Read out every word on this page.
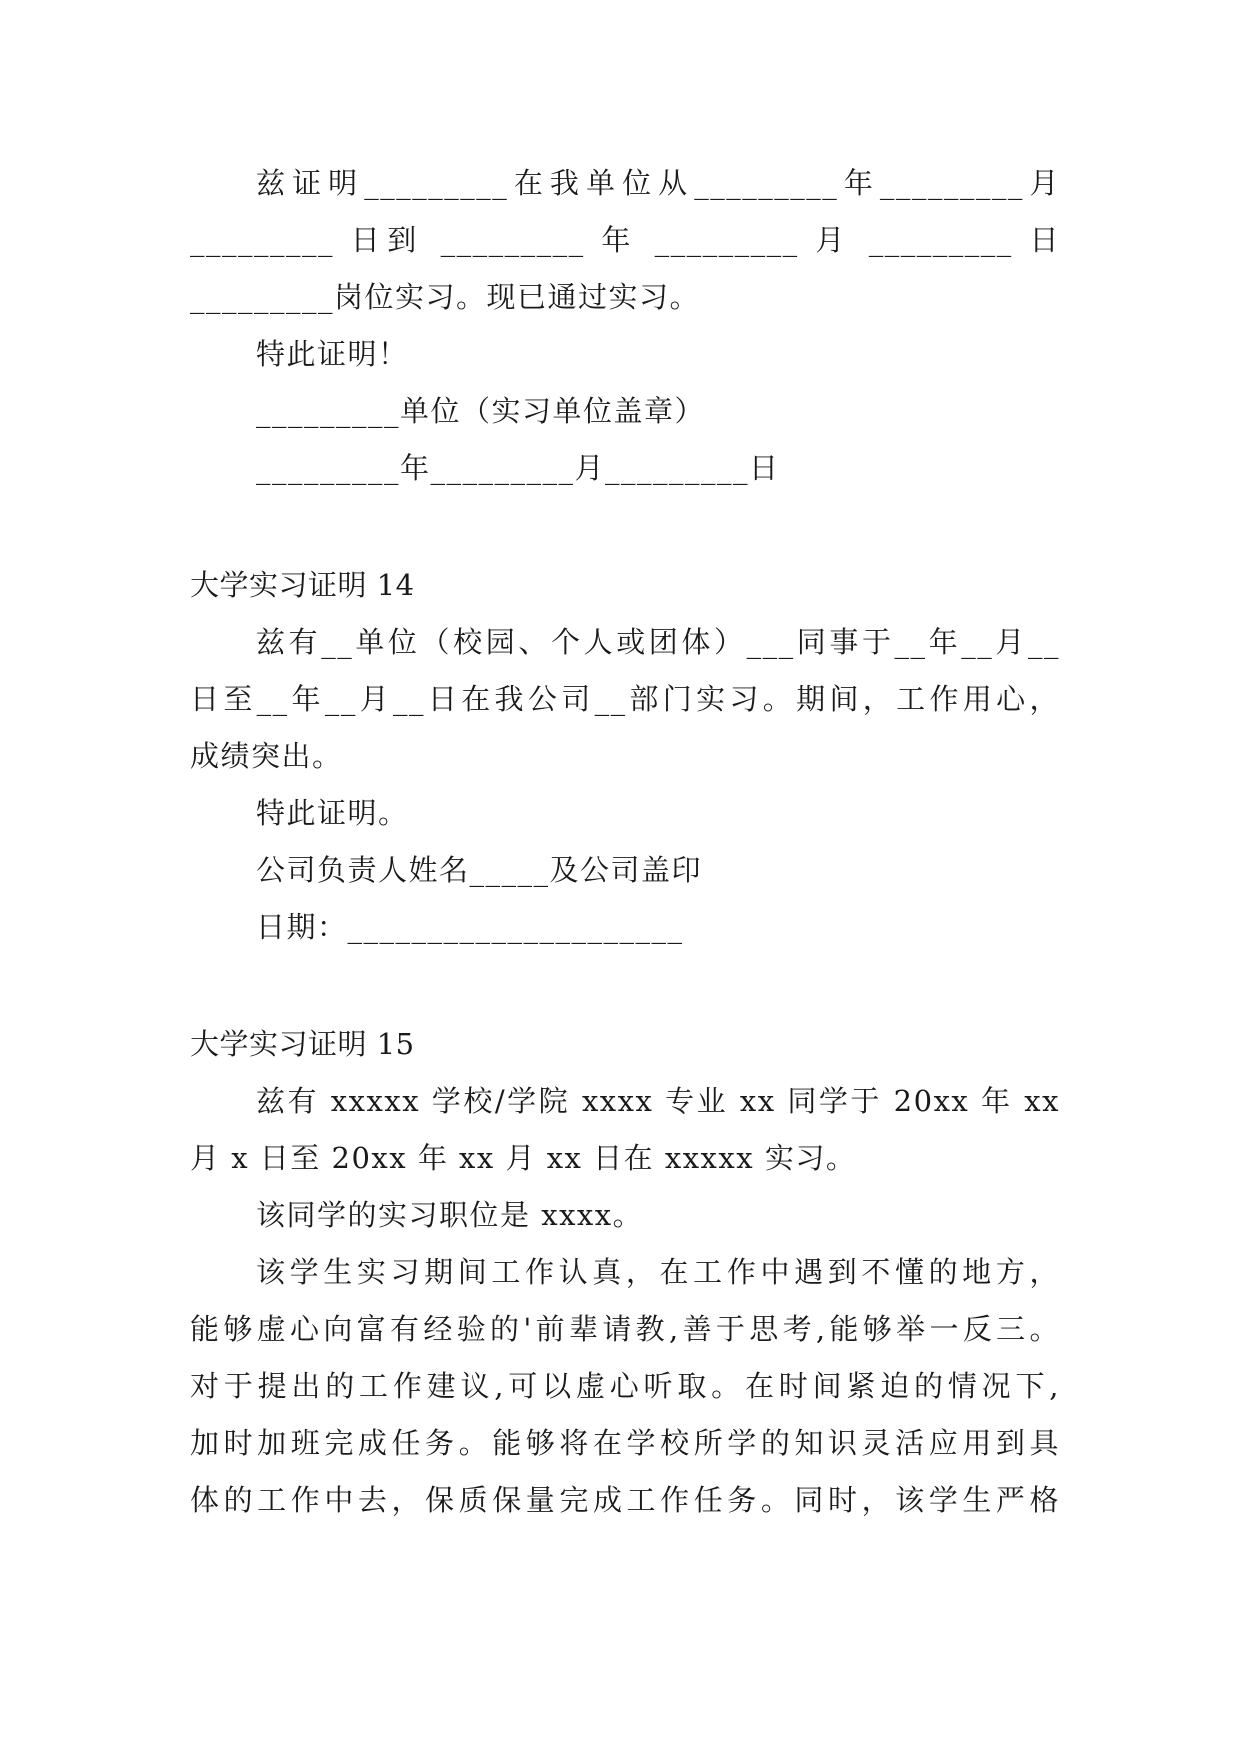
兹证明_________在我单位从_________年_________月
_________ 日到 _________ 年 _________ 月 _________ 日
_________岗位实习。现已通过实习。
特此证明！
_________单位（实习单位盖章）
_________年_________月_________日
大学实习证明 14
兹有__单位（校园、个人或团体）___同事于__年__月__
日至__年__月__日在我公司__部门实习。期间，工作用心，
成绩突出。
特此证明。
公司负责人姓名_____及公司盖印
日期：_____________________
大学实习证明 15
兹有 xxxxx 学校/学院 xxxx 专业 xx 同学于 20xx 年 xx
月 x 日至 20xx 年 xx 月 xx 日在 xxxxx 实习。
该同学的实习职位是 xxxx。
该学生实习期间工作认真，在工作中遇到不懂的地方，
能够虚心向富有经验的'前辈请教,善于思考,能够举一反三。
对于提出的工作建议,可以虚心听取。在时间紧迫的情况下,
加时加班完成任务。能够将在学校所学的知识灵活应用到具
体的工作中去，保质保量完成工作任务。同时，该学生严格
